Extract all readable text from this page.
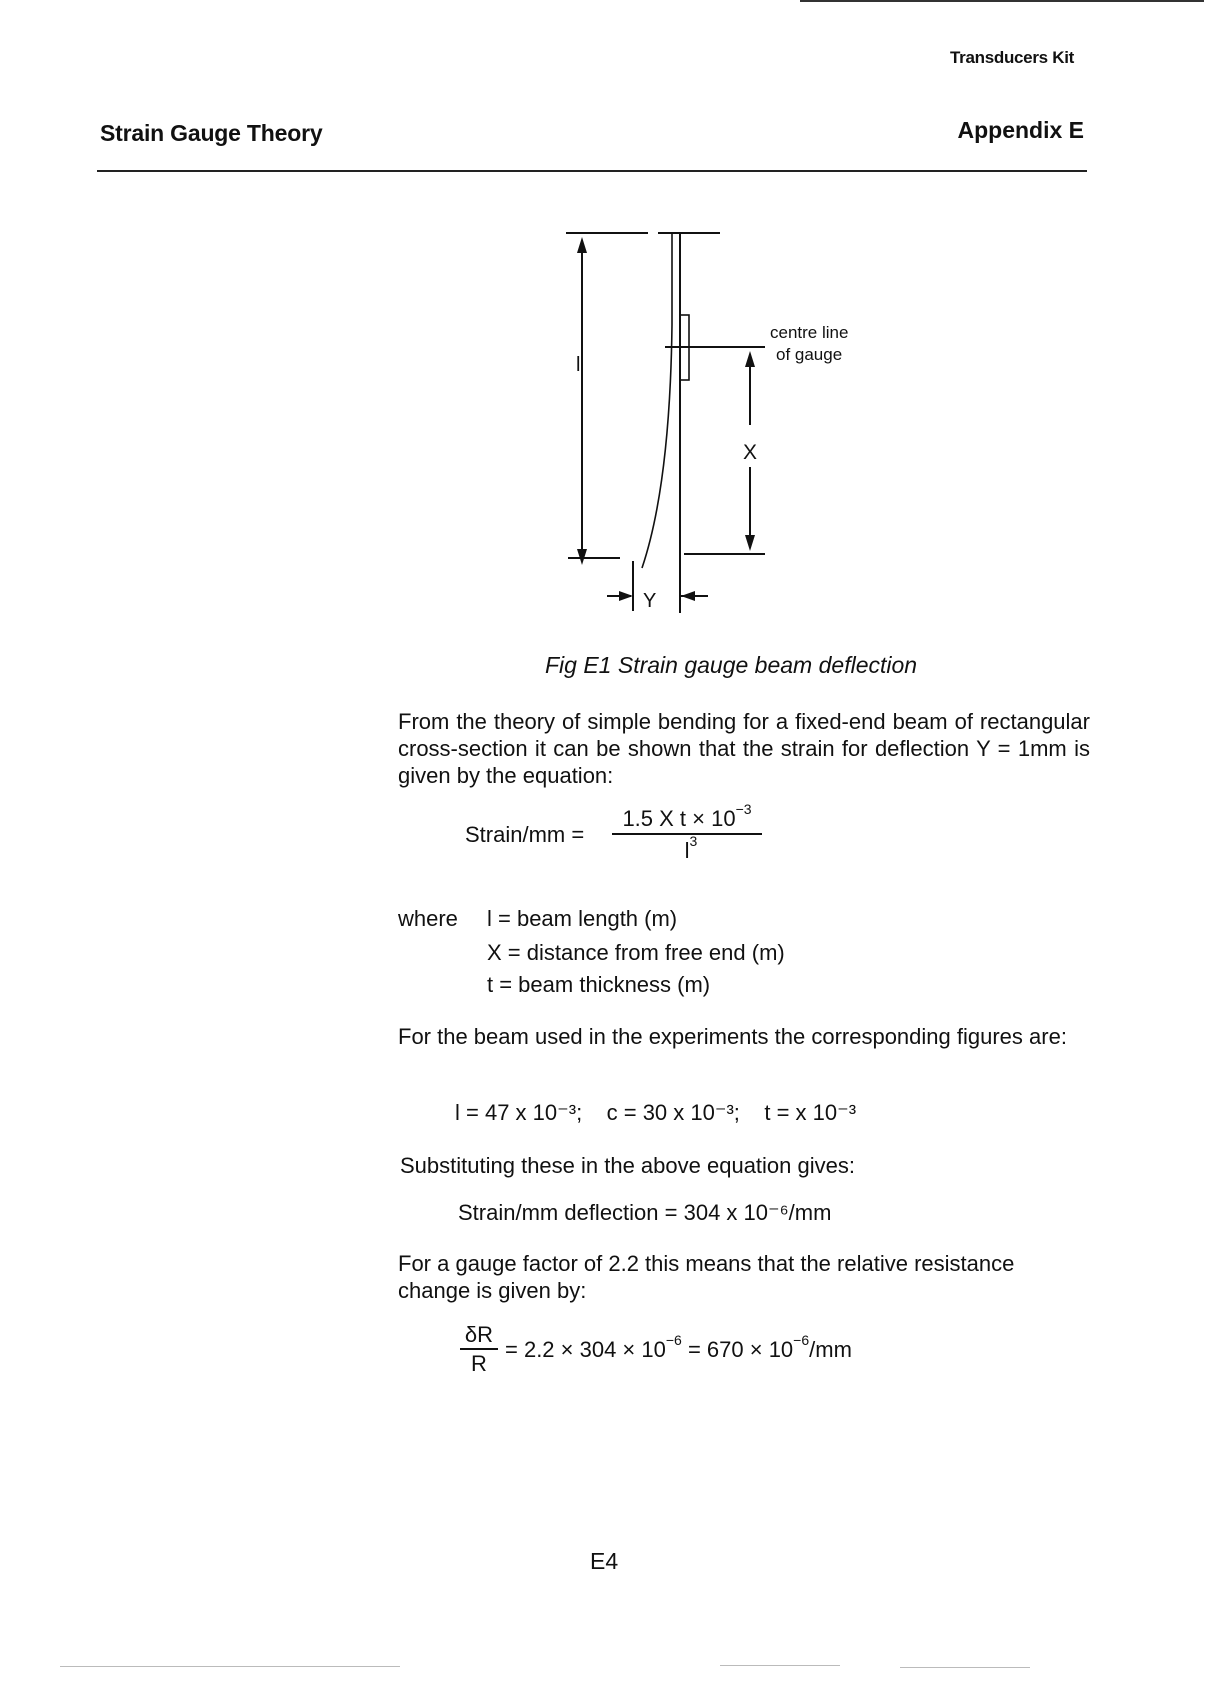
Transducers Kit
Strain Gauge Theory	Appendix E
l
centre line
of gauge
X
Y
Fig E1 Strain gauge beam deflection
From the theory of simple bending for a fixed-end beam of rectangular cross-section it can be shown that the strain for deflection Y = 1mm is given by the equation:
Strain/mm =
1.5 X $t \times 10^{-3}$
$l^3$
where l = beam length (m)
X = distance from free end (m)
t = beam thickness (m)
For the beam used in the experiments the corresponding figures are:
l = 47 x 10⁻³;    c = 30 x 10⁻³;    t = x 10⁻³
Substituting these in the above equation gives:
Strain/mm deflection = 304 x 10⁻⁶/mm
For a gauge factor of 2.2 this means that the relative resistance change is given by:
δR
R
= $2.2 \times 304 \times 10^{-6} = 670 \times 10^{-6}/mm$
E4
